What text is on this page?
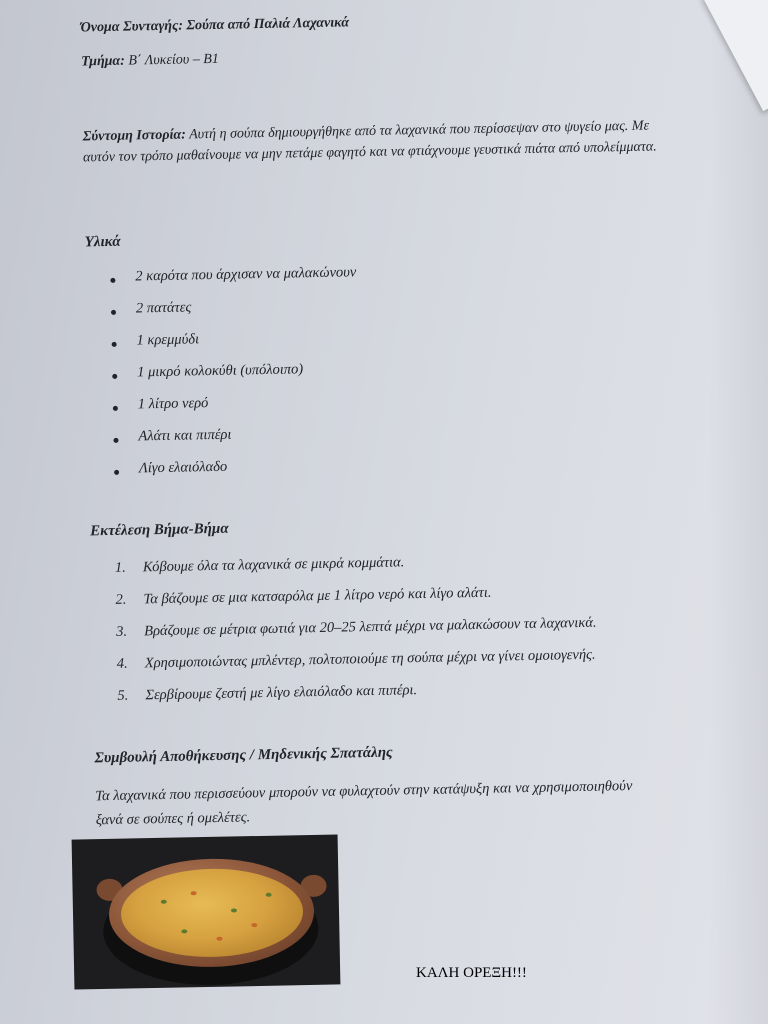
Όνομα Συνταγής: Σούπα από Παλιά Λαχανικά
Τμήμα: Β΄ Λυκείου – Β1
Σύντομη Ιστορία: Αυτή η σούπα δημιουργήθηκε από τα λαχανικά που περίσσεψαν στο ψυγείο μας. Με αυτόν τον τρόπο μαθαίνουμε να μην πετάμε φαγητό και να φτιάχνουμε γευστικά πιάτα από υπολείμματα.
Υλικά
2 καρότα που άρχισαν να μαλακώνουν
2 πατάτες
1 κρεμμύδι
1 μικρό κολοκύθι (υπόλοιπο)
1 λίτρο νερό
Αλάτι και πιπέρι
Λίγο ελαιόλαδο
Εκτέλεση Βήμα-Βήμα
1. Κόβουμε όλα τα λαχανικά σε μικρά κομμάτια.
2. Τα βάζουμε σε μια κατσαρόλα με 1 λίτρο νερό και λίγο αλάτι.
3. Βράζουμε σε μέτρια φωτιά για 20–25 λεπτά μέχρι να μαλακώσουν τα λαχανικά.
4. Χρησιμοποιώντας μπλέντερ, πολτοποιούμε τη σούπα μέχρι να γίνει ομοιογενής.
5. Σερβίρουμε ζεστή με λίγο ελαιόλαδο και πιπέρι.
Συμβουλή Αποθήκευσης / Μηδενικής Σπατάλης
Τα λαχανικά που περισσεύουν μπορούν να φυλαχτούν στην κατάψυξη και να χρησιμοποιηθούν ξανά σε σούπες ή ομελέτες.
ΚΑΛΗ ΟΡΕΞΗ!!!
